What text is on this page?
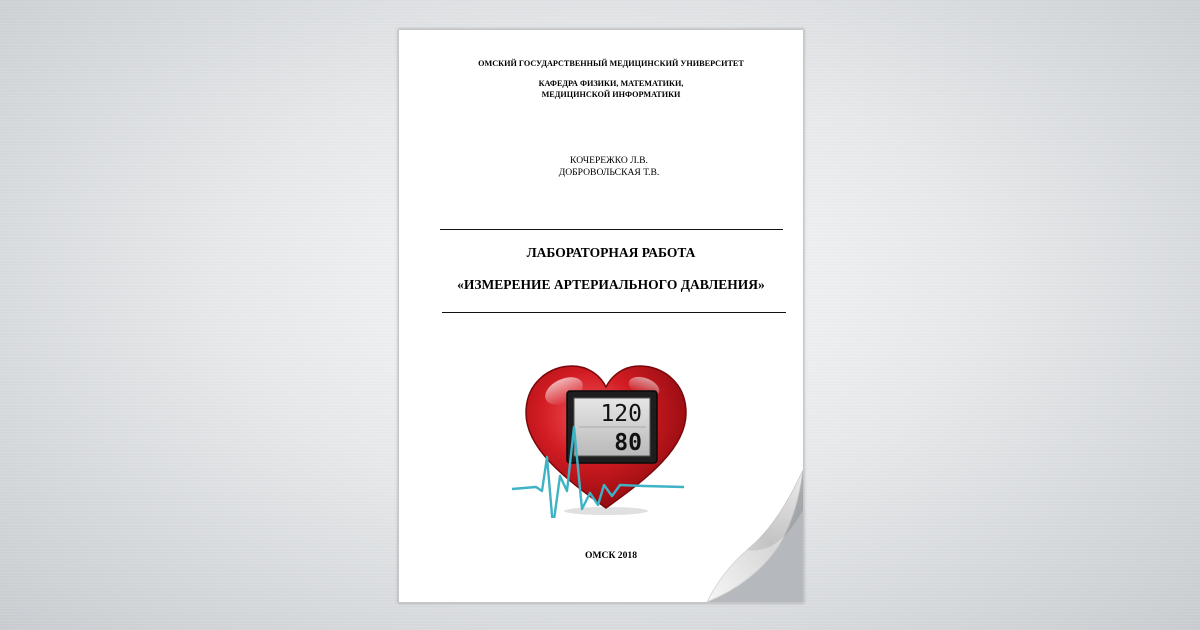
ОМСКИЙ ГОСУДАРСТВЕННЫЙ МЕДИЦИНСКИЙ УНИВЕРСИТЕТ
КАФЕДРА ФИЗИКИ, МАТЕМАТИКИ,
МЕДИЦИНСКОЙ ИНФОРМАТИКИ
КОЧЕРЕЖКО Л.В.
ДОБРОВОЛЬСКАЯ Т.В.
ЛАБОРАТОРНАЯ РАБОТА
«ИЗМЕРЕНИЕ АРТЕРИАЛЬНОГО ДАВЛЕНИЯ»
120
80
ОМСК 2018
